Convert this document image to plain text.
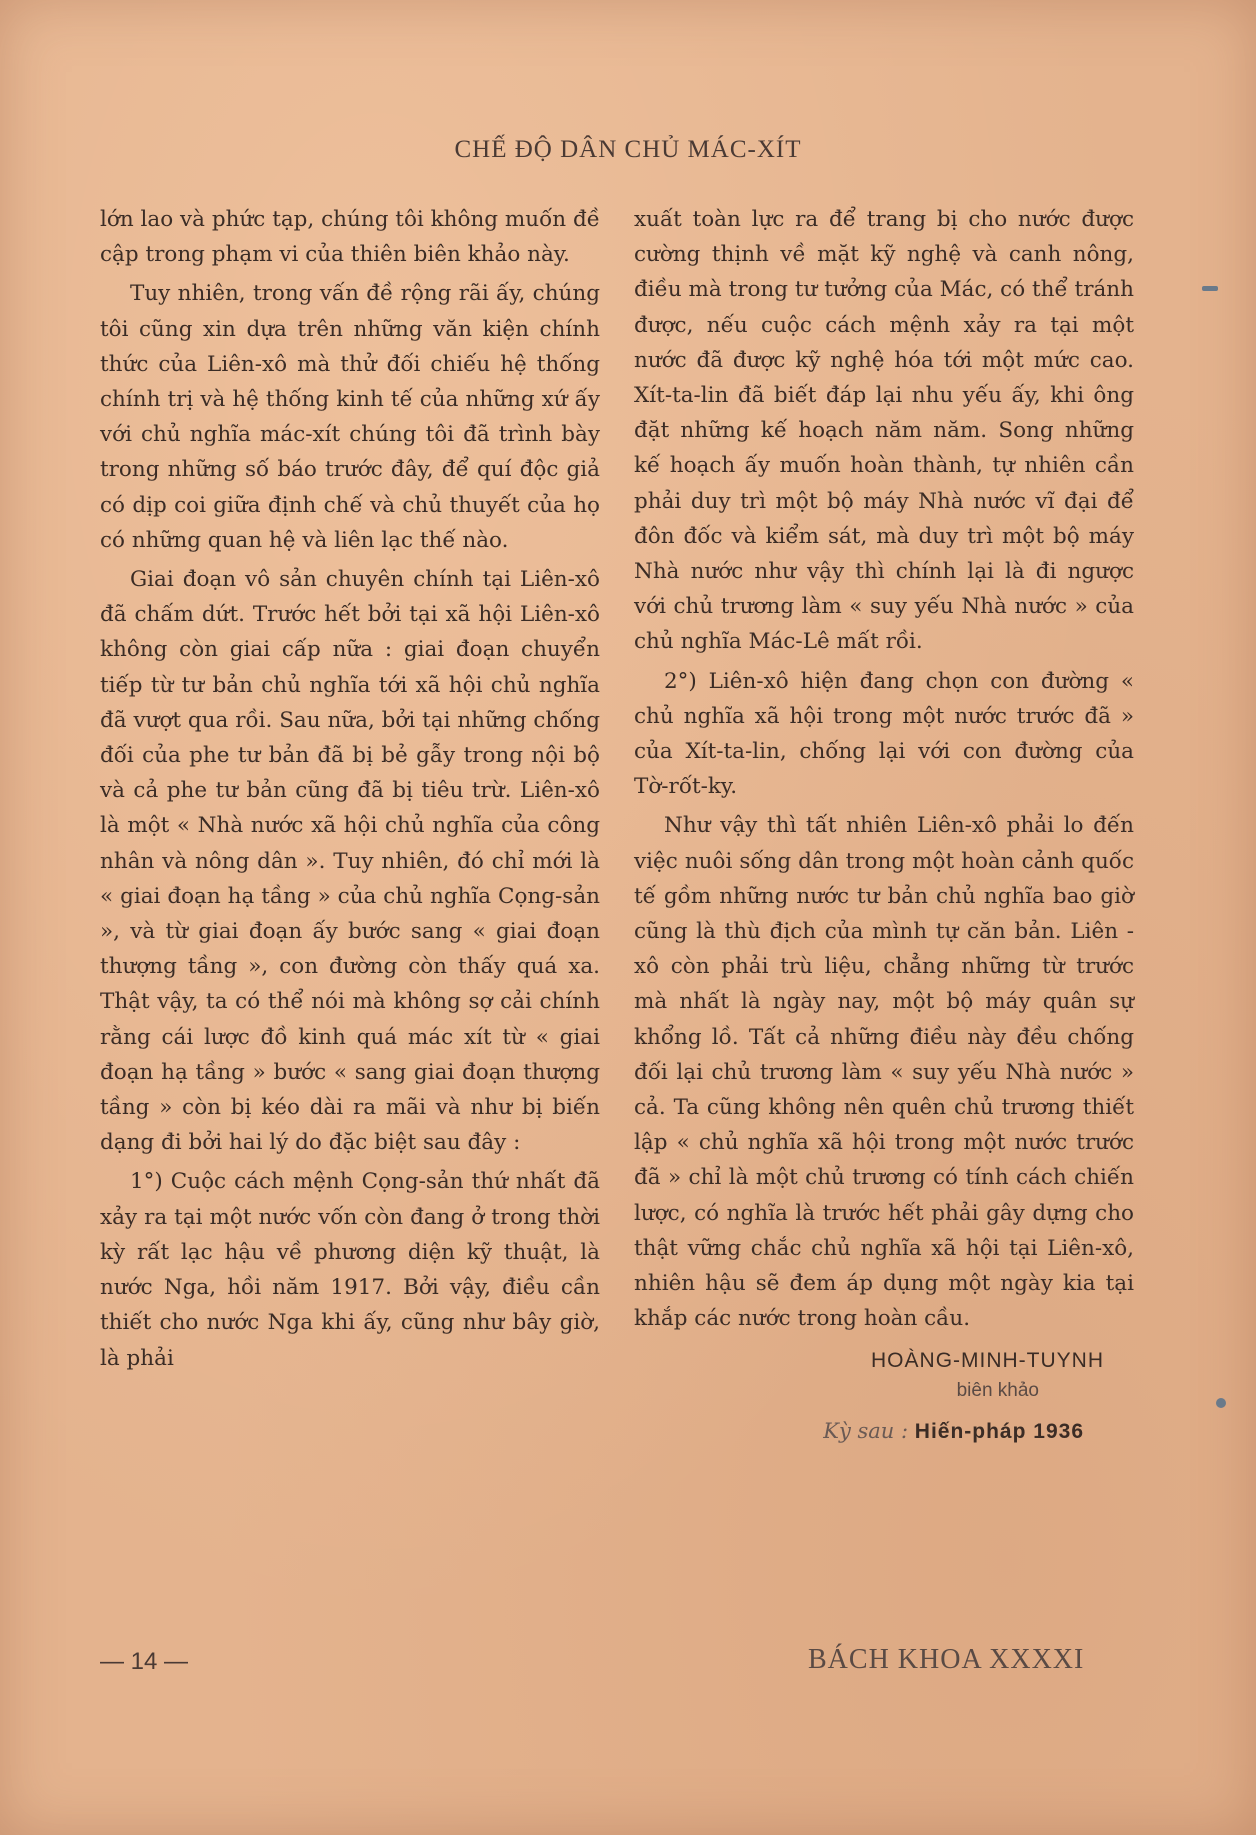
CHẾ ĐỘ DÂN CHỦ MÁC-XÍT

lớn lao và phức tạp, chúng tôi không muốn đề cập trong phạm vi của thiên biên khảo này.

Tuy nhiên, trong vấn đề rộng rãi ấy, chúng tôi cũng xin dựa trên những văn kiện chính thức của Liên-xô mà thử đối chiếu hệ thống chính trị và hệ thống kinh tế của những xứ ấy với chủ nghĩa mác-xít chúng tôi đã trình bày trong những số báo trước đây, để quí độc giả có dịp coi giữa định chế và chủ thuyết của họ có những quan hệ và liên lạc thế nào.

Giai đoạn vô sản chuyên chính tại Liên-xô đã chấm dứt. Trước hết bởi tại xã hội Liên-xô không còn giai cấp nữa : giai đoạn chuyển tiếp từ tư bản chủ nghĩa tới xã hội chủ nghĩa đã vượt qua rồi. Sau nữa, bởi tại những chống đối của phe tư bản đã bị bẻ gẫy trong nội bộ và cả phe tư bản cũng đã bị tiêu trừ. Liên-xô là một « Nhà nước xã hội chủ nghĩa của công nhân và nông dân ». Tuy nhiên, đó chỉ mới là « giai đoạn hạ tầng » của chủ nghĩa Cọng-sản », và từ giai đoạn ấy bước sang « giai đoạn thượng tầng », con đường còn thấy quá xa. Thật vậy, ta có thể nói mà không sợ cải chính rằng cái lược đồ kinh quá mác xít từ « giai đoạn hạ tầng » bước « sang giai đoạn thượng tầng » còn bị kéo dài ra mãi và như bị biến dạng đi bởi hai lý do đặc biệt sau đây :

1°) Cuộc cách mệnh Cọng-sản thứ nhất đã xảy ra tại một nước vốn còn đang ở trong thời kỳ rất lạc hậu về phương diện kỹ thuật, là nước Nga, hồi năm 1917. Bởi vậy, điều cần thiết cho nước Nga khi ấy, cũng như bây giờ, là phải

xuất toàn lực ra để trang bị cho nước được cường thịnh về mặt kỹ nghệ và canh nông, điều mà trong tư tưởng của Mác, có thể tránh được, nếu cuộc cách mệnh xảy ra tại một nước đã được kỹ nghệ hóa tới một mức cao. Xít-ta-lin đã biết đáp lại nhu yếu ấy, khi ông đặt những kế hoạch năm năm. Song những kế hoạch ấy muốn hoàn thành, tự nhiên cần phải duy trì một bộ máy Nhà nước vĩ đại để đôn đốc và kiểm sát, mà duy trì một bộ máy Nhà nước như vậy thì chính lại là đi ngược với chủ trương làm « suy yếu Nhà nước » của chủ nghĩa Mác-Lê mất rồi.

2°) Liên-xô hiện đang chọn con đường « chủ nghĩa xã hội trong một nước trước đã » của Xít-ta-lin, chống lại với con đường của Tờ-rốt-ky.

Như vậy thì tất nhiên Liên-xô phải lo đến việc nuôi sống dân trong một hoàn cảnh quốc tế gồm những nước tư bản chủ nghĩa bao giờ cũng là thù địch của mình tự căn bản. Liên - xô còn phải trù liệu, chẳng những từ trước mà nhất là ngày nay, một bộ máy quân sự khổng lồ. Tất cả những điều này đều chống đối lại chủ trương làm « suy yếu Nhà nước » cả. Ta cũng không nên quên chủ trương thiết lập « chủ nghĩa xã hội trong một nước trước đã » chỉ là một chủ trương có tính cách chiến lược, có nghĩa là trước hết phải gây dựng cho thật vững chắc chủ nghĩa xã hội tại Liên-xô, nhiên hậu sẽ đem áp dụng một ngày kia tại khắp các nước trong hoàn cầu.

HOÀNG-MINH-TUYNH
biên khảo
Kỳ sau : Hiến-pháp 1936
— 14 —	BÁCH KHOA XXXXI
